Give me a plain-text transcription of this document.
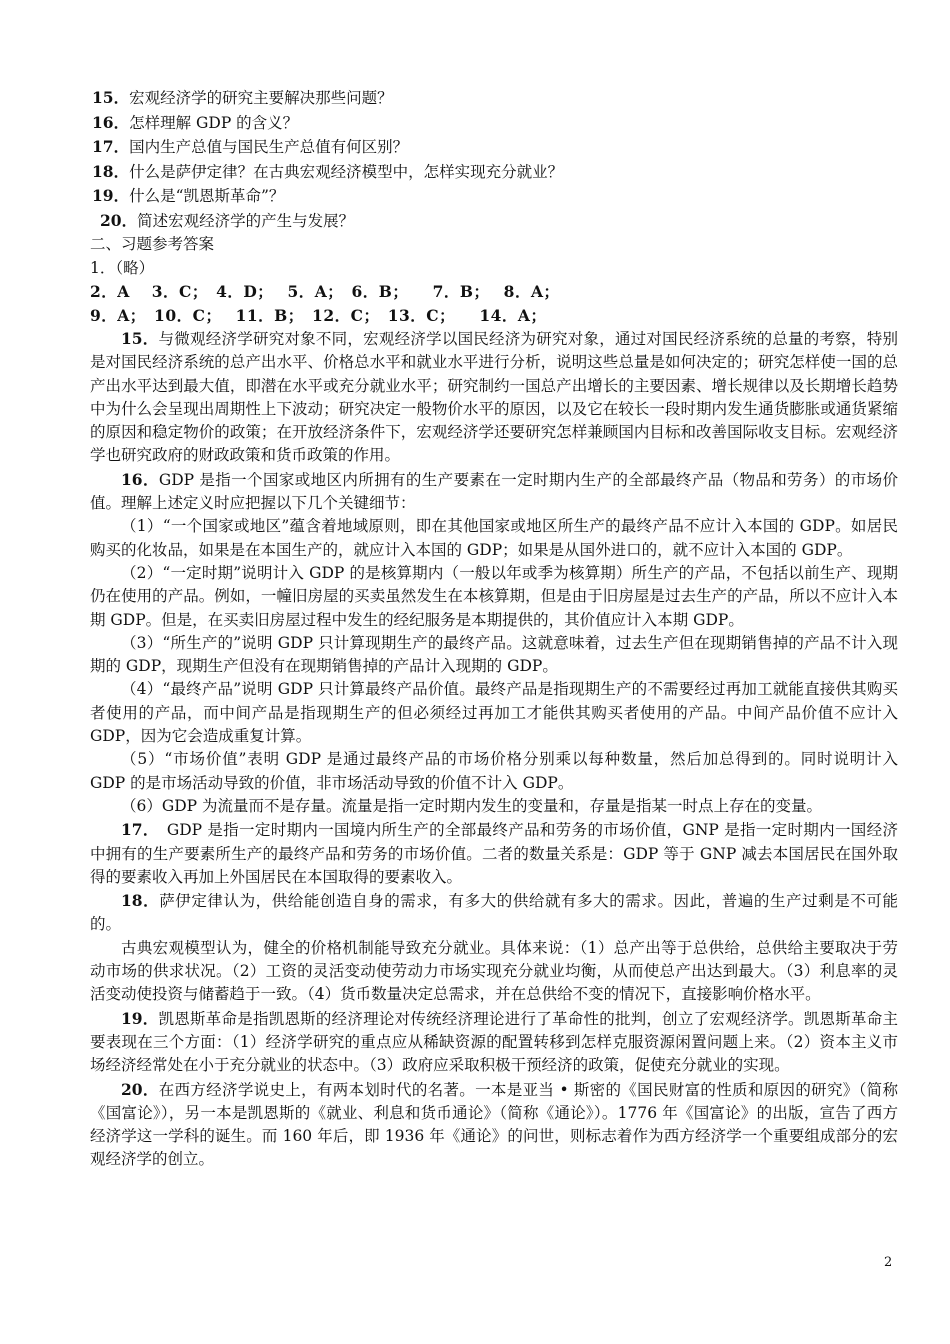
15．宏观经济学的研究主要解决那些问题？

16．怎样理解 GDP 的含义？

17．国内生产总值与国民生产总值有何区别？

18．什么是萨伊定律？在古典宏观经济模型中，怎样实现充分就业？

19．什么是“凯恩斯革命”？

20．简述宏观经济学的产生与发展？

二、习题参考答案

1．（略）

2．A　 3．C；　4．D；　 5．A；　6．B；　　7．B；　 8．A；

9．A；　10．C；　 11．B；　12．C；　13．C；　　14．A；

15．与微观经济学研究对象不同，宏观经济学以国民经济为研究对象，通过对国民经济系统的总量的考察，特别是对国民经济系统的总产出水平、价格总水平和就业水平进行分析，说明这些总量是如何决定的；研究怎样使一国的总产出水平达到最大值，即潜在水平或充分就业水平；研究制约一国总产出增长的主要因素、增长规律以及长期增长趋势中为什么会呈现出周期性上下波动；研究决定一般物价水平的原因，以及它在较长一段时期内发生通货膨胀或通货紧缩的原因和稳定物价的政策；在开放经济条件下，宏观经济学还要研究怎样兼顾国内目标和改善国际收支目标。宏观经济学也研究政府的财政政策和货币政策的作用。

16．GDP 是指一个国家或地区内所拥有的生产要素在一定时期内生产的全部最终产品（物品和劳务）的市场价值。理解上述定义时应把握以下几个关键细节：

（1）“一个国家或地区”蕴含着地域原则，即在其他国家或地区所生产的最终产品不应计入本国的 GDP。如居民购买的化妆品，如果是在本国生产的，就应计入本国的 GDP；如果是从国外进口的，就不应计入本国的 GDP。

（2）“一定时期”说明计入 GDP 的是核算期内（一般以年或季为核算期）所生产的产品，不包括以前生产、现期仍在使用的产品。例如，一幢旧房屋的买卖虽然发生在本核算期，但是由于旧房屋是过去生产的产品，所以不应计入本期 GDP。但是，在买卖旧房屋过程中发生的经纪服务是本期提供的，其价值应计入本期 GDP。

（3）“所生产的”说明 GDP 只计算现期生产的最终产品。这就意味着，过去生产但在现期销售掉的产品不计入现期的 GDP，现期生产但没有在现期销售掉的产品计入现期的 GDP。

（4）“最终产品”说明 GDP 只计算最终产品价值。最终产品是指现期生产的不需要经过再加工就能直接供其购买者使用的产品，而中间产品是指现期生产的但必须经过再加工才能供其购买者使用的产品。中间产品价值不应计入 GDP，因为它会造成重复计算。

（5）“市场价值”表明 GDP 是通过最终产品的市场价格分别乘以每种数量，然后加总得到的。同时说明计入 GDP 的是市场活动导致的价值，非市场活动导致的价值不计入 GDP。

（6）GDP 为流量而不是存量。流量是指一定时期内发生的变量和，存量是指某一时点上存在的变量。

17．　GDP 是指一定时期内一国境内所生产的全部最终产品和劳务的市场价值，GNP 是指一定时期内一国经济中拥有的生产要素所生产的最终产品和劳务的市场价值。二者的数量关系是：GDP 等于 GNP 减去本国居民在国外取得的要素收入再加上外国居民在本国取得的要素收入。

18．萨伊定律认为，供给能创造自身的需求，有多大的供给就有多大的需求。因此，普遍的生产过剩是不可能的。

古典宏观模型认为，健全的价格机制能导致充分就业。具体来说：（1）总产出等于总供给，总供给主要取决于劳动市场的供求状况。（2）工资的灵活变动使劳动力市场实现充分就业均衡，从而使总产出达到最大。（3）利息率的灵活变动使投资与储蓄趋于一致。（4）货币数量决定总需求，并在总供给不变的情况下，直接影响价格水平。

19．凯恩斯革命是指凯恩斯的经济理论对传统经济理论进行了革命性的批判，创立了宏观经济学。凯恩斯革命主要表现在三个方面：（1）经济学研究的重点应从稀缺资源的配置转移到怎样克服资源闲置问题上来。（2）资本主义市场经济经常处在小于充分就业的状态中。（3）政府应采取积极干预经济的政策，促使充分就业的实现。

20．在西方经济学说史上，有两本划时代的名著。一本是亚当 • 斯密的《国民财富的性质和原因的研究》（简称《国富论》），另一本是凯恩斯的《就业、利息和货币通论》（简称《通论》）。1776 年《国富论》的出版，宣告了西方经济学这一学科的诞生。而 160 年后，即 1936 年《通论》的问世，则标志着作为西方经济学一个重要组成部分的宏观经济学的创立。

2
